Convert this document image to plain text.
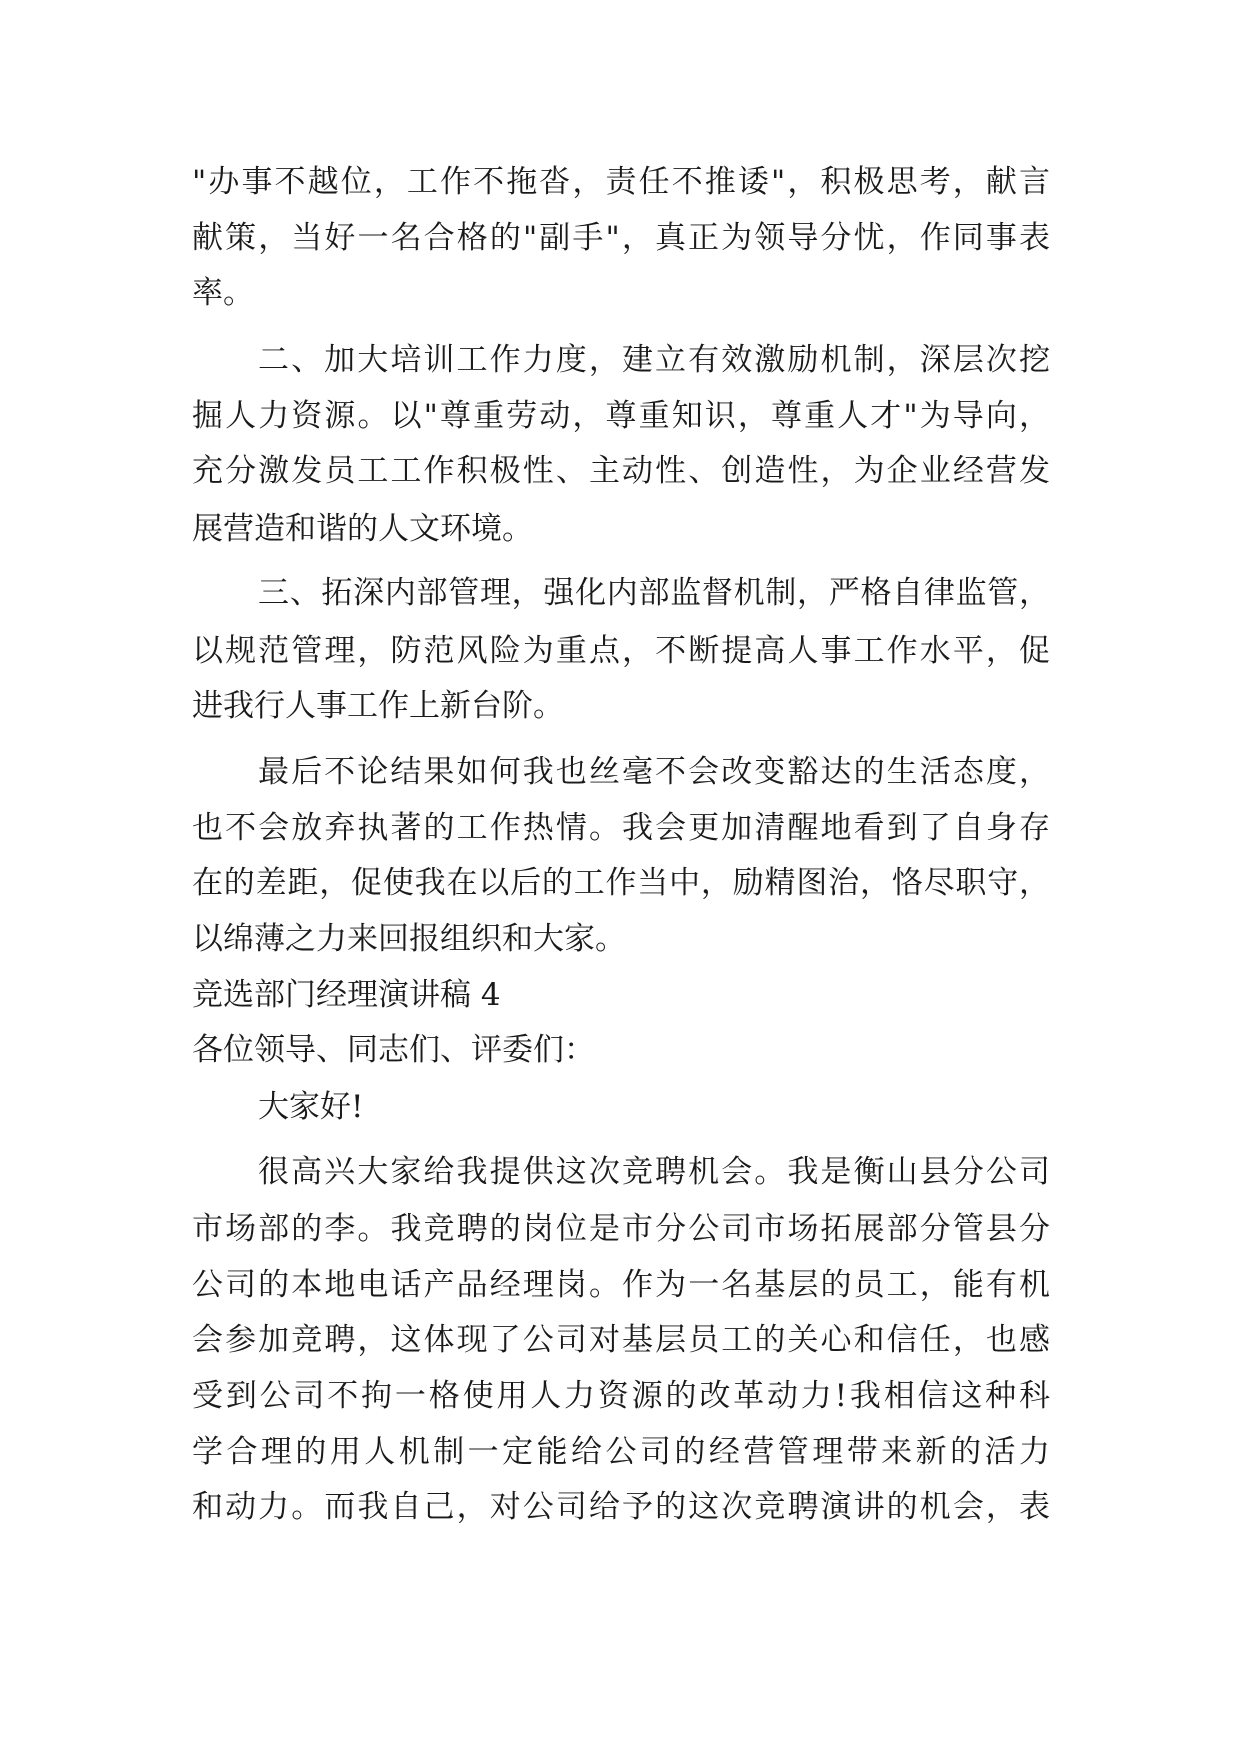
"办事不越位，工作不拖沓，责任不推诿"，积极思考，献言

献策，当好一名合格的"副手"，真正为领导分忧，作同事表

率。

二、加大培训工作力度，建立有效激励机制，深层次挖

掘人力资源。以"尊重劳动，尊重知识，尊重人才"为导向，

充分激发员工工作积极性、主动性、创造性，为企业经营发

展营造和谐的人文环境。

三、拓深内部管理，强化内部监督机制，严格自律监管，

以规范管理，防范风险为重点，不断提高人事工作水平，促

进我行人事工作上新台阶。

最后不论结果如何我也丝毫不会改变豁达的生活态度，

也不会放弃执著的工作热情。我会更加清醒地看到了自身存

在的差距，促使我在以后的工作当中，励精图治，恪尽职守，

以绵薄之力来回报组织和大家。

竞选部门经理演讲稿 4

各位领导、同志们、评委们：

大家好!

很高兴大家给我提供这次竞聘机会。我是衡山县分公司

市场部的李。我竞聘的岗位是市分公司市场拓展部分管县分

公司的本地电话产品经理岗。作为一名基层的员工，能有机

会参加竞聘，这体现了公司对基层员工的关心和信任，也感

受到公司不拘一格使用人力资源的改革动力!我相信这种科

学合理的用人机制一定能给公司的经营管理带来新的活力

和动力。而我自己，对公司给予的这次竞聘演讲的机会，表
